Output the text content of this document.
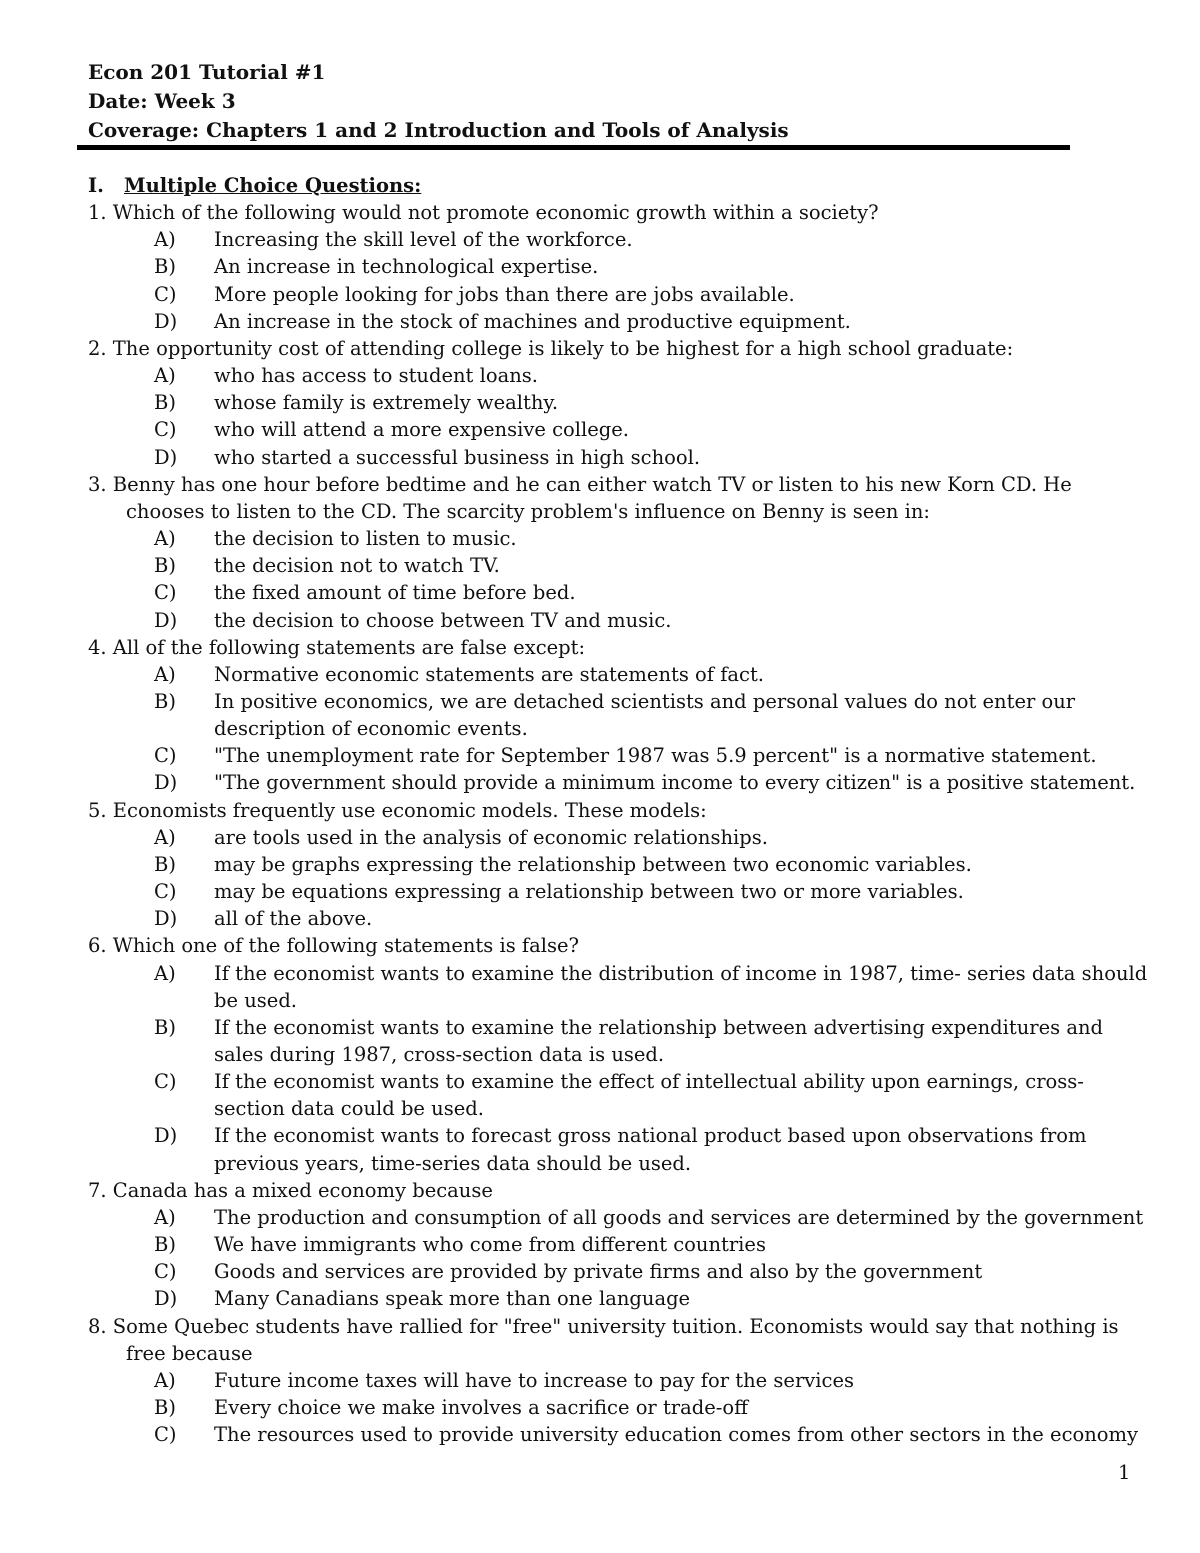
Econ 201 Tutorial #1
Date: Week 3
Coverage: Chapters 1 and 2 Introduction and Tools of Analysis
I. Multiple Choice Questions:
1. Which of the following would not promote economic growth within a society?
A)	Increasing the skill level of the workforce.
B)	An increase in technological expertise.
C)	More people looking for jobs than there are jobs available.
D)	An increase in the stock of machines and productive equipment.
2. The opportunity cost of attending college is likely to be highest for a high school graduate:
A)	who has access to student loans.
B)	whose family is extremely wealthy.
C)	who will attend a more expensive college.
D)	who started a successful business in high school.
3. Benny has one hour before bedtime and he can either watch TV or listen to his new Korn CD. He chooses to listen to the CD. The scarcity problem's influence on Benny is seen in:
A)	the decision to listen to music.
B)	the decision not to watch TV.
C)	the fixed amount of time before bed.
D)	the decision to choose between TV and music.
4. All of the following statements are false except:
A)	Normative economic statements are statements of fact.
B)	In positive economics, we are detached scientists and personal values do not enter our description of economic events.
C)	"The unemployment rate for September 1987 was 5.9 percent" is a normative statement.
D)	"The government should provide a minimum income to every citizen" is a positive statement.
5. Economists frequently use economic models. These models:
A)	are tools used in the analysis of economic relationships.
B)	may be graphs expressing the relationship between two economic variables.
C)	may be equations expressing a relationship between two or more variables.
D)	all of the above.
6. Which one of the following statements is false?
A)	If the economist wants to examine the distribution of income in 1987, time- series data should be used.
B)	If the economist wants to examine the relationship between advertising expenditures and sales during 1987, cross-section data is used.
C)	If the economist wants to examine the effect of intellectual ability upon earnings, cross-section data could be used.
D)	If the economist wants to forecast gross national product based upon observations from previous years, time-series data should be used.
7. Canada has a mixed economy because
A)	The production and consumption of all goods and services are determined by the government
B)	We have immigrants who come from different countries
C)	Goods and services are provided by private firms and also by the government
D)	Many Canadians speak more than one language
8. Some Quebec students have rallied for "free" university tuition. Economists would say that nothing is free because
A)	Future income taxes will have to increase to pay for the services
B)	Every choice we make involves a sacrifice or trade-off
C)	The resources used to provide university education comes from other sectors in the economy
1
